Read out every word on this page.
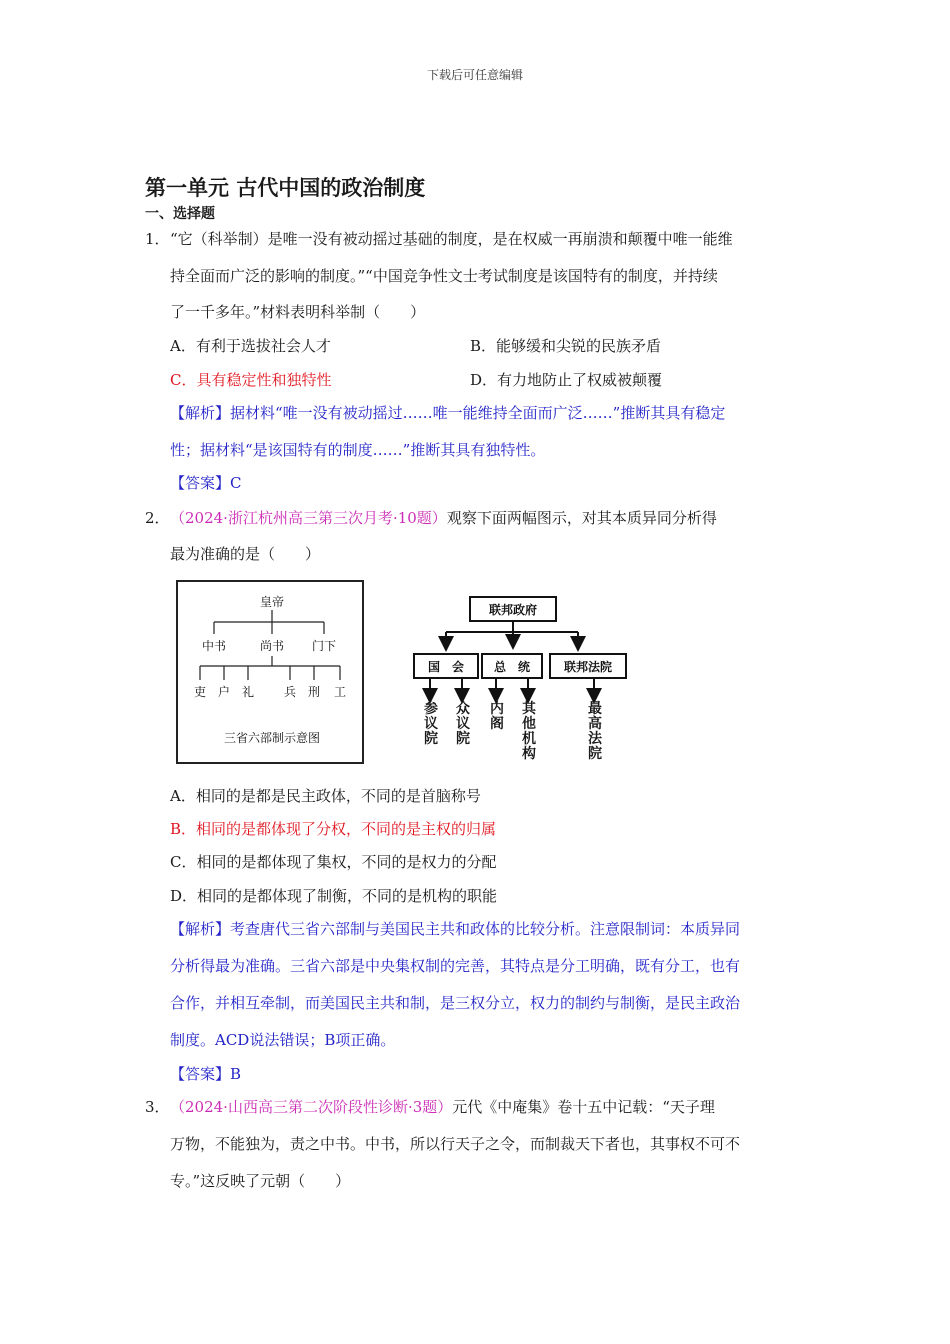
下载后可任意编辑
第一单元 古代中国的政治制度
一、选择题
1． “它（科举制）是唯一没有被动摇过基础的制度，是在权威一再崩溃和颠覆中唯一能维
持全面而广泛的影响的制度。”“中国竞争性文士考试制度是该国特有的制度，并持续
了一千多年。”材料表明科举制（　　）
A．有利于选拔社会人才	B．能够缓和尖锐的民族矛盾
C．具有稳定性和独特性	D．有力地防止了权威被颠覆
【解析】据材料“唯一没有被动摇过……唯一能维持全面而广泛……”推断其具有稳定
性；据材料“是该国特有的制度……”推断其具有独特性。
【答案】C
2． （2024·浙江杭州高三第三次月考·10题）观察下面两幅图示，对其本质异同分析得
最为准确的是（　　）
皇帝
中书	尚书 门下
吏 户 礼 兵 刑 工
三省六部制示意图
联邦政府
国　会 总　统	联邦法院
参议院
众议院
内阁
其他机构
最高法院
A．相同的是都是民主政体，不同的是首脑称号
B．相同的是都体现了分权，不同的是主权的归属
C．相同的是都体现了集权，不同的是权力的分配
D．相同的是都体现了制衡，不同的是机构的职能
【解析】考查唐代三省六部制与美国民主共和政体的比较分析。注意限制词：本质异同
分析得最为准确。三省六部是中央集权制的完善，其特点是分工明确，既有分工，也有
合作，并相互牵制，而美国民主共和制，是三权分立，权力的制约与制衡，是民主政治
制度。ACD说法错误；B项正确。
【答案】B
3． （2024·山西高三第二次阶段性诊断·3题）元代《中庵集》卷十五中记载：“天子理
万物，不能独为，责之中书。中书，所以行天子之令，而制裁天下者也，其事权不可不
专。”这反映了元朝（　　）
